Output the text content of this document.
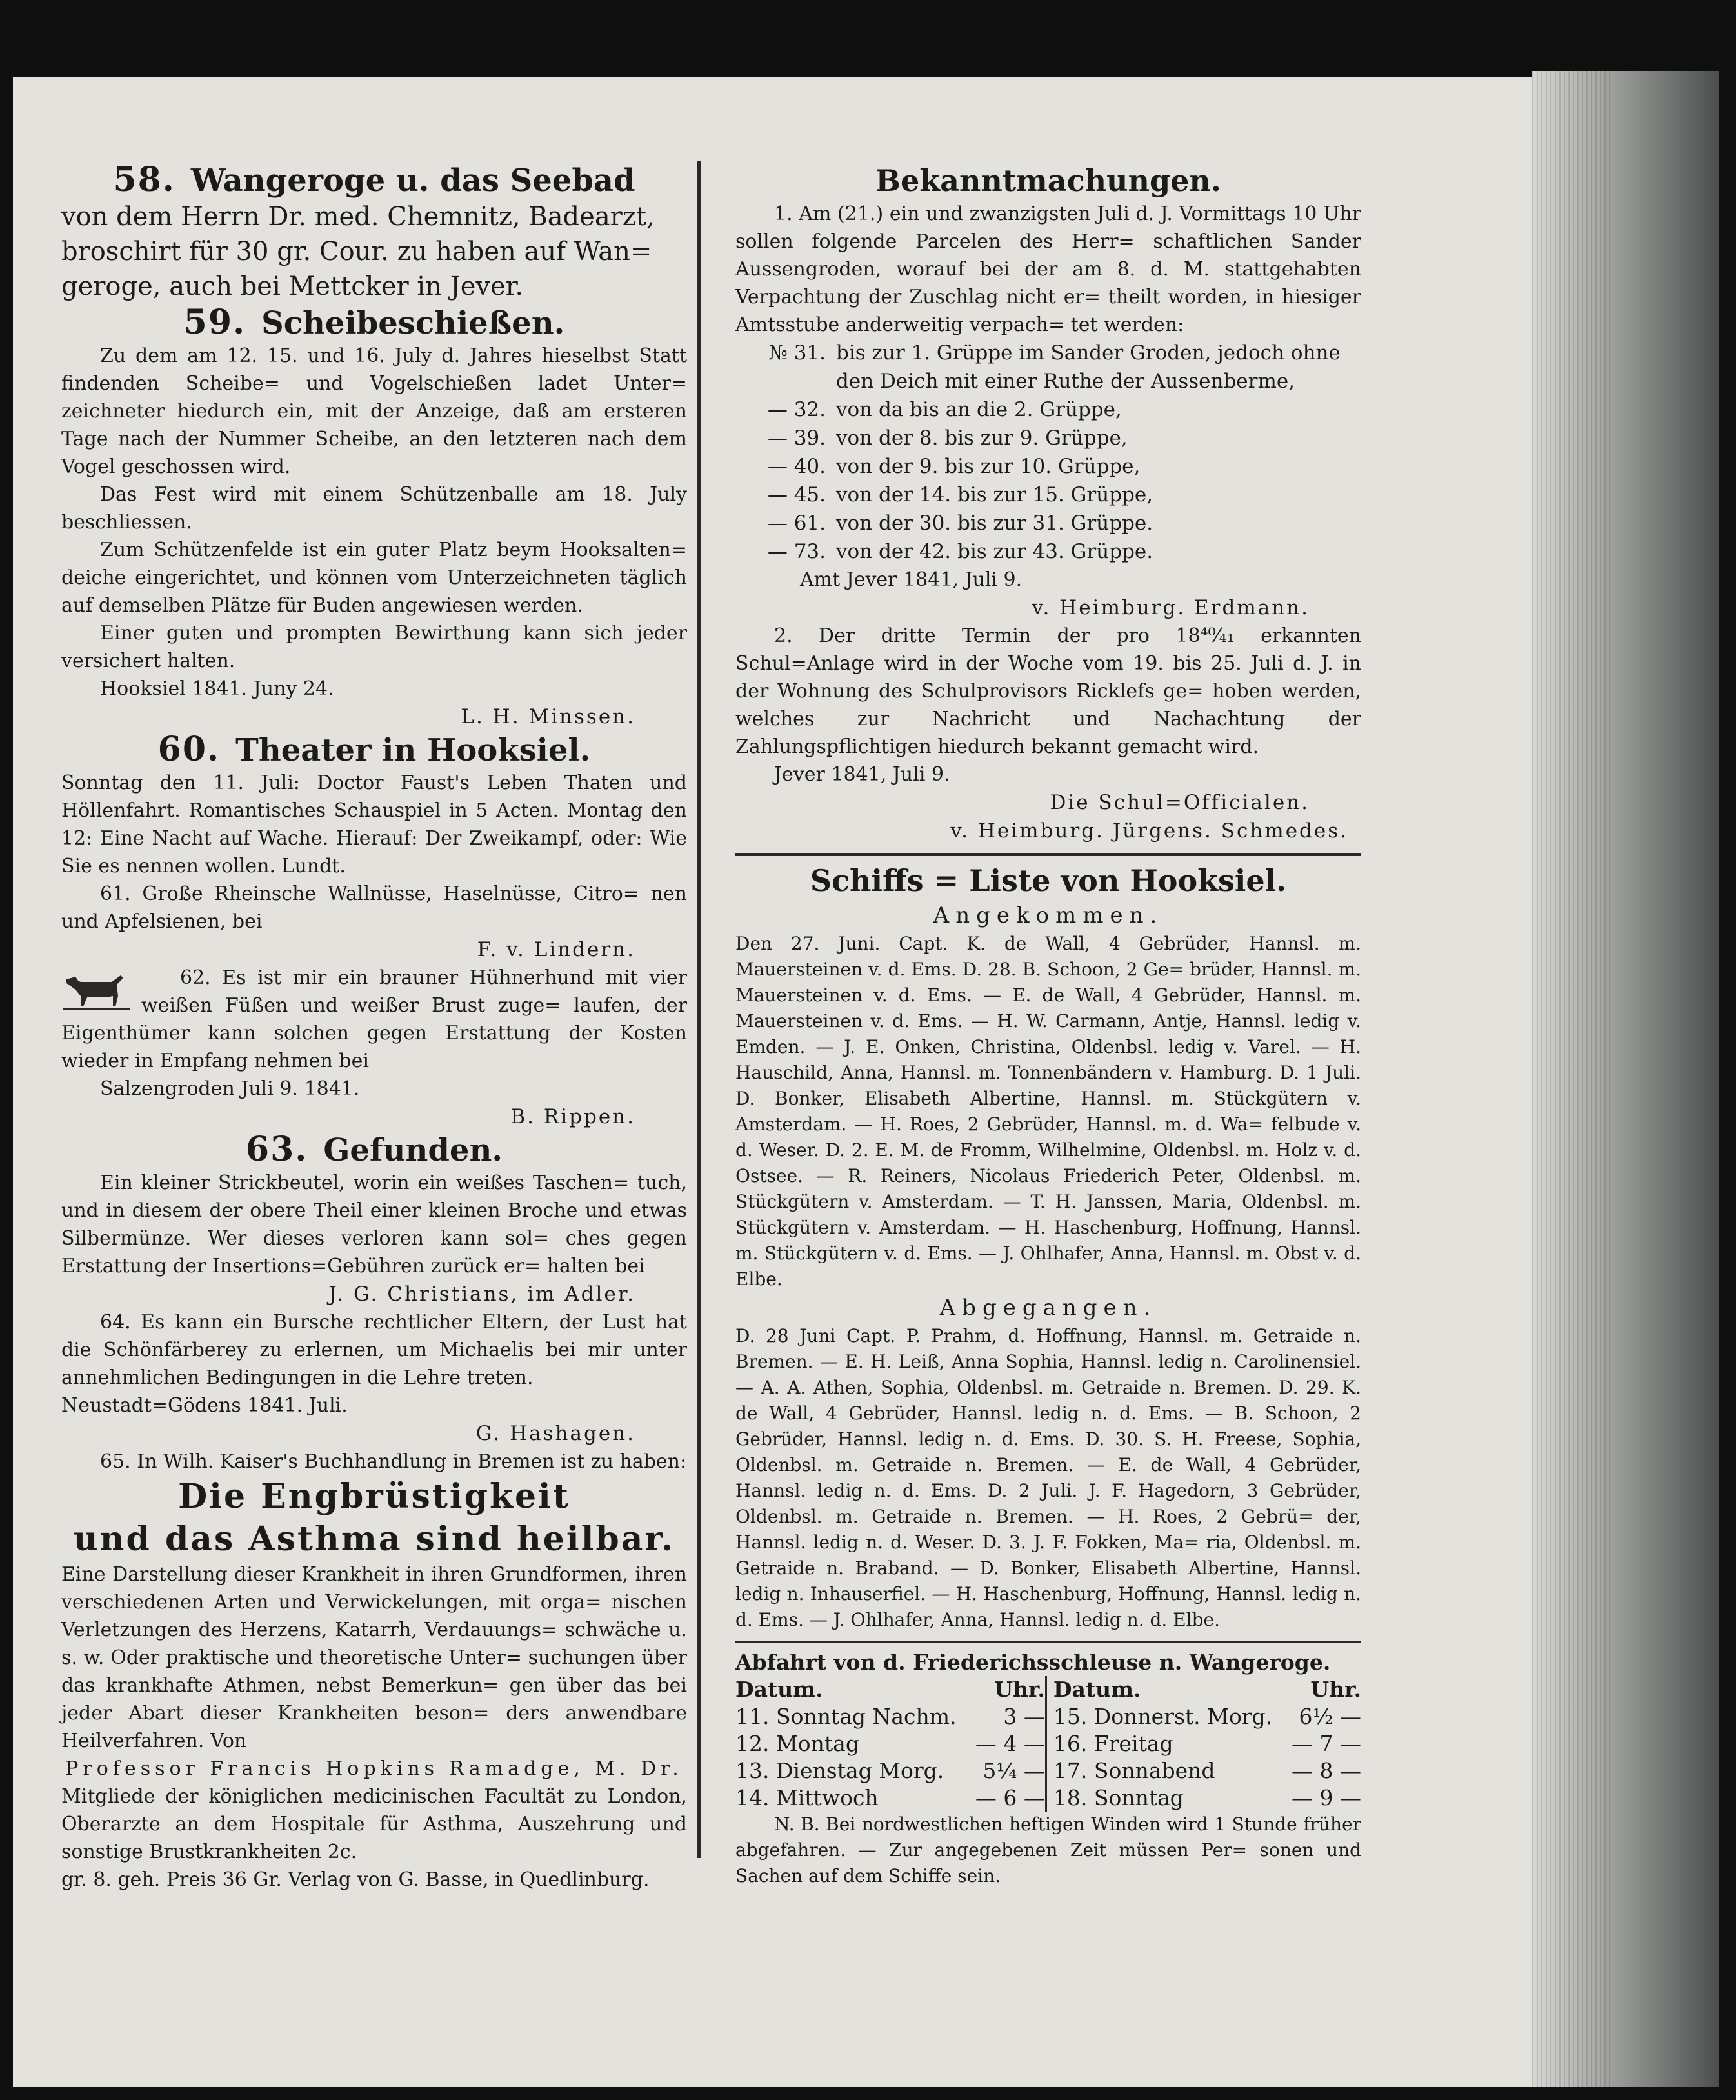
58. Wangeroge u. das Seebad

von dem Herrn Dr. med. Chemnitz, Badearzt,

broschirt für 30 gr. Cour. zu haben auf Wan=

geroge, auch bei Mettcker in Jever.

59. Scheibeschießen.

Zu dem am 12. 15. und 16. July d. Jahres hieselbst Statt findenden Scheibe= und Vogelschießen ladet Unter= zeichneter hiedurch ein, mit der Anzeige, daß am ersteren Tage nach der Nummer Scheibe, an den letzteren nach dem Vogel geschossen wird.

Das Fest wird mit einem Schützenballe am 18. July beschliessen.

Zum Schützenfelde ist ein guter Platz beym Hooksalten= deiche eingerichtet, und können vom Unterzeichneten täglich auf demselben Plätze für Buden angewiesen werden.

Einer guten und prompten Bewirthung kann sich jeder versichert halten.

Hooksiel 1841. Juny 24.

L. H. Minssen.

60. Theater in Hooksiel.

Sonntag den 11. Juli: Doctor Faust's Leben Thaten und Höllenfahrt. Romantisches Schauspiel in 5 Acten. Montag den 12: Eine Nacht auf Wache. Hierauf: Der Zweikampf, oder: Wie Sie es nennen wollen. Lundt.

61. Große Rheinsche Wallnüsse, Haselnüsse, Citro= nen und Apfelsienen, bei

F. v. Lindern.

62. Es ist mir ein brauner Hühnerhund mit vier weißen Füßen und weißer Brust zuge= laufen, der Eigenthümer kann solchen gegen Erstattung der Kosten wieder in Empfang nehmen bei

Salzengroden Juli 9. 1841.

B. Rippen.

63. Gefunden.

Ein kleiner Strickbeutel, worin ein weißes Taschen= tuch, und in diesem der obere Theil einer kleinen Broche und etwas Silbermünze. Wer dieses verloren kann sol= ches gegen Erstattung der Insertions=Gebühren zurück er= halten bei

J. G. Christians, im Adler.

64. Es kann ein Bursche rechtlicher Eltern, der Lust hat die Schönfärberey zu erlernen, um Michaelis bei mir unter annehmlichen Bedingungen in die Lehre treten.

Neustadt=Gödens 1841. Juli.

G. Hashagen.

65. In Wilh. Kaiser's Buchhandlung in Bremen ist zu haben:

Die Engbrüstigkeit

und das Asthma sind heilbar.

Eine Darstellung dieser Krankheit in ihren Grundformen, ihren verschiedenen Arten und Verwickelungen, mit orga= nischen Verletzungen des Herzens, Katarrh, Verdauungs= schwäche u. s. w. Oder praktische und theoretische Unter= suchungen über das krankhafte Athmen, nebst Bemerkun= gen über das bei jeder Abart dieser Krankheiten beson= ders anwendbare Heilverfahren. Von

Professor Francis Hopkins Ramadge, M. Dr.

Mitgliede der königlichen medicinischen Facultät zu London, Oberarzte an dem Hospitale für Asthma, Auszehrung und sonstige Brustkrankheiten 2c.

gr. 8. geh. Preis 36 Gr. Verlag von G. Basse, in Quedlinburg.

Bekanntmachungen.

1. Am (21.) ein und zwanzigsten Juli d. J. Vormittags 10 Uhr sollen folgende Parcelen des Herr= schaftlichen Sander Aussengroden, worauf bei der am 8. d. M. stattgehabten Verpachtung der Zuschlag nicht er= theilt worden, in hiesiger Amtsstube anderweitig verpach= tet werden:

№ 31. bis zur 1. Grüppe im Sander Groden, jedoch ohne den Deich mit einer Ruthe der Aussenberme,
— 32. von da bis an die 2. Grüppe,
— 39. von der 8. bis zur 9. Grüppe,
— 40. von der 9. bis zur 10. Grüppe,
— 45. von der 14. bis zur 15. Grüppe,
— 61. von der 30. bis zur 31. Grüppe.
— 73. von der 42. bis zur 43. Grüppe.

Amt Jever 1841, Juli 9.

v. Heimburg. Erdmann.

2. Der dritte Termin der pro 18⁴⁰⁄₄₁ erkannten Schul=Anlage wird in der Woche vom 19. bis 25. Juli d. J. in der Wohnung des Schulprovisors Ricklefs ge= hoben werden, welches zur Nachricht und Nachachtung der Zahlungspflichtigen hiedurch bekannt gemacht wird.

Jever 1841, Juli 9.

Die Schul=Officialen.

v. Heimburg. Jürgens. Schmedes.

Schiffs = Liste von Hooksiel.

Angekommen.

Den 27. Juni. Capt. K. de Wall, 4 Gebrüder, Hannsl. m. Mauersteinen v. d. Ems. D. 28. B. Schoon, 2 Ge= brüder, Hannsl. m. Mauersteinen v. d. Ems. — E. de Wall, 4 Gebrüder, Hannsl. m. Mauersteinen v. d. Ems. — H. W. Carmann, Antje, Hannsl. ledig v. Emden. — J. E. Onken, Christina, Oldenbsl. ledig v. Varel. — H. Hauschild, Anna, Hannsl. m. Tonnenbändern v. Hamburg. D. 1 Juli. D. Bonker, Elisabeth Albertine, Hannsl. m. Stückgütern v. Amsterdam. — H. Roes, 2 Gebrüder, Hannsl. m. d. Wa= felbude v. d. Weser. D. 2. E. M. de Fromm, Wilhelmine, Oldenbsl. m. Holz v. d. Ostsee. — R. Reiners, Nicolaus Friederich Peter, Oldenbsl. m. Stückgütern v. Amsterdam. — T. H. Janssen, Maria, Oldenbsl. m. Stückgütern v. Amsterdam. — H. Haschenburg, Hoffnung, Hannsl. m. Stückgütern v. d. Ems. — J. Ohlhafer, Anna, Hannsl. m. Obst v. d. Elbe.

Abgegangen.

D. 28 Juni Capt. P. Prahm, d. Hoffnung, Hannsl. m. Getraide n. Bremen. — E. H. Leiß, Anna Sophia, Hannsl. ledig n. Carolinensiel. — A. A. Athen, Sophia, Oldenbsl. m. Getraide n. Bremen. D. 29. K. de Wall, 4 Gebrüder, Hannsl. ledig n. d. Ems. — B. Schoon, 2 Gebrüder, Hannsl. ledig n. d. Ems. D. 30. S. H. Freese, Sophia, Oldenbsl. m. Getraide n. Bremen. — E. de Wall, 4 Gebrüder, Hannsl. ledig n. d. Ems. D. 2 Juli. J. F. Hagedorn, 3 Gebrüder, Oldenbsl. m. Getraide n. Bremen. — H. Roes, 2 Gebrü= der, Hannsl. ledig n. d. Weser. D. 3. J. F. Fokken, Ma= ria, Oldenbsl. m. Getraide n. Braband. — D. Bonker, Elisabeth Albertine, Hannsl. ledig n. Inhauserfiel. — H. Haschenburg, Hoffnung, Hannsl. ledig n. d. Ems. — J. Ohlhafer, Anna, Hannsl. ledig n. d. Elbe.

Abfahrt von d. Friederichsschleuse n. Wangeroge.

Datum.	Uhr.	Datum.	Uhr.
11. Sonntag Nachm.	3 —	15. Donnerst. Morg.	6½ —
12. Montag	— 4 —	16. Freitag	— 7 —
13. Dienstag Morg.	5¼ —	17. Sonnabend	— 8 —
14. Mittwoch	— 6 —	18. Sonntag	— 9 —

N. B. Bei nordwestlichen heftigen Winden wird 1 Stunde früher abgefahren. — Zur angegebenen Zeit müssen Per= sonen und Sachen auf dem Schiffe sein.
